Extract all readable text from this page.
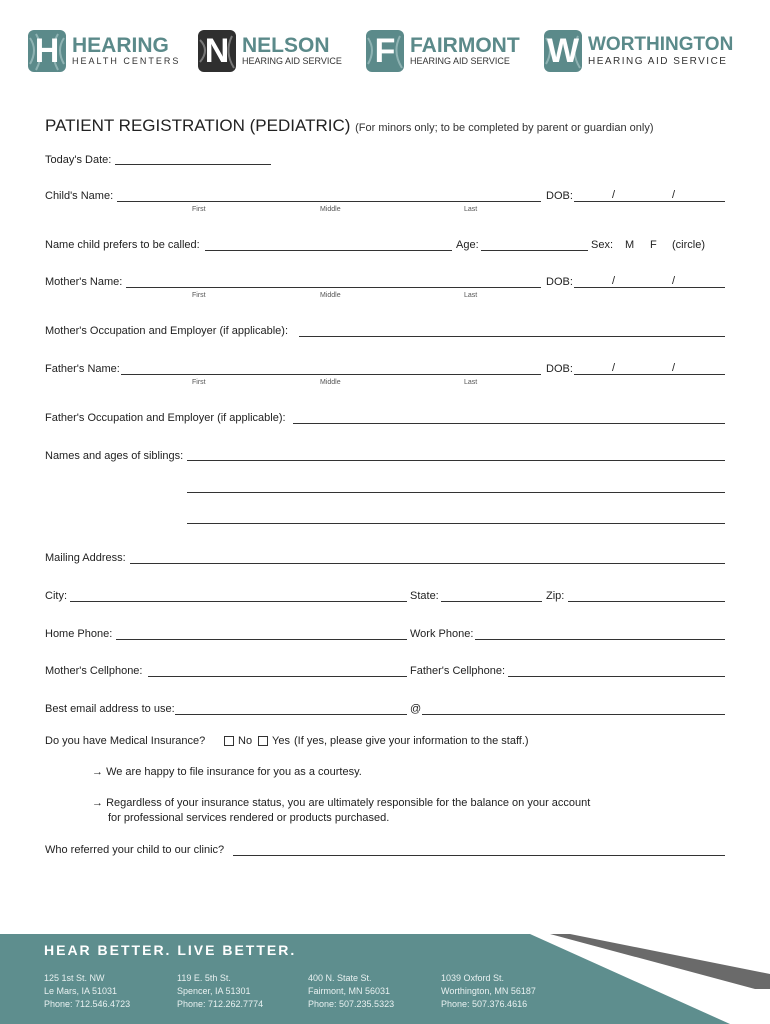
H HEARING
HEALTH CENTERS N NELSON
HEARING AID SERVICE F FAIRMONT
HEARING AID SERVICE W WORTHINGTON
HEARING AID SERVICE
PATIENT REGISTRATION (PEDIATRIC) (For minors only; to be completed by parent or guardian only)
Today's Date:
Child's Name:
First	Middle	Last
DOB:	/	/
Name child prefers to be called:	Age:	Sex: M F (circle)
Mother's Name:
First	Middle	Last
DOB:	/	/
Mother's Occupation and Employer (if applicable):
Father's Name:
First	Middle	Last
DOB:	/	/
Father's Occupation and Employer (if applicable):
Names and ages of siblings:
Mailing Address:
City:	State:	Zip:
Home Phone:	Work Phone:
Mother's Cellphone:	Father's Cellphone:
Best email address to use:	@
Do you have Medical Insurance?	No	Yes (If yes, please give your information to the staff.)
→ We are happy to file insurance for you as a courtesy.
→ Regardless of your insurance status, you are ultimately responsible for the balance on your account
for professional services rendered or products purchased.
Who referred your child to our clinic?
HEAR BETTER. LIVE BETTER.
125 1st St. NW
Le Mars, IA 51031
Phone: 712.546.4723
119 E. 5th St.
Spencer, IA 51301
Phone: 712.262.7774
400 N. State St.
Fairmont, MN 56031
Phone: 507.235.5323
1039 Oxford St.
Worthington, MN 56187
Phone: 507.376.4616
